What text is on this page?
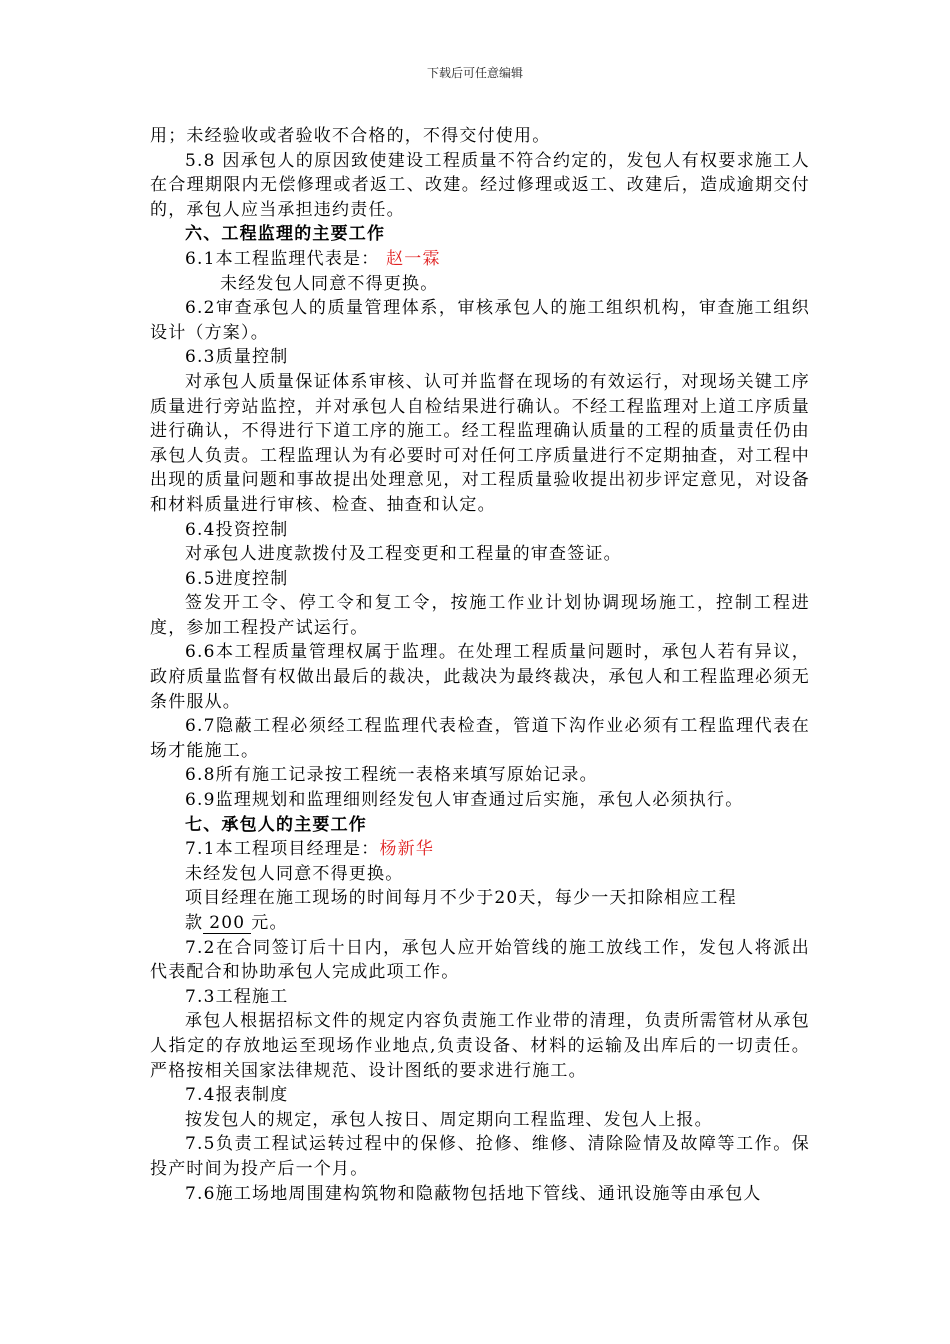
下载后可任意编辑

用；未经验收或者验收不合格的，不得交付使用。

5.8 因承包人的原因致使建设工程质量不符合约定的，发包人有权要求施工人在合理期限内无偿修理或者返工、改建。经过修理或返工、改建后，造成逾期交付的，承包人应当承担违约责任。

六、工程监理的主要工作

6.1本工程监理代表是： 赵一霖

未经发包人同意不得更换。

6.2审查承包人的质量管理体系，审核承包人的施工组织机构，审查施工组织设计（方案）。

6.3质量控制

对承包人质量保证体系审核、认可并监督在现场的有效运行，对现场关键工序质量进行旁站监控，并对承包人自检结果进行确认。不经工程监理对上道工序质量进行确认，不得进行下道工序的施工。经工程监理确认质量的工程的质量责任仍由承包人负责。工程监理认为有必要时可对任何工序质量进行不定期抽查，对工程中出现的质量问题和事故提出处理意见，对工程质量验收提出初步评定意见，对设备和材料质量进行审核、检查、抽查和认定。

6.4投资控制

对承包人进度款拨付及工程变更和工程量的审查签证。

6.5进度控制

签发开工令、停工令和复工令，按施工作业计划协调现场施工，控制工程进度，参加工程投产试运行。

6.6本工程质量管理权属于监理。在处理工程质量问题时，承包人若有异议，政府质量监督有权做出最后的裁决，此裁决为最终裁决，承包人和工程监理必须无条件服从。

6.7隐蔽工程必须经工程监理代表检查，管道下沟作业必须有工程监理代表在场才能施工。

6.8所有施工记录按工程统一表格来填写原始记录。

6.9监理规划和监理细则经发包人审查通过后实施，承包人必须执行。

七、承包人的主要工作

7.1本工程项目经理是：杨新华

未经发包人同意不得更换。

项目经理在施工现场的时间每月不少于20天，每少一天扣除相应工程

款 200 元。

7.2在合同签订后十日内，承包人应开始管线的施工放线工作，发包人将派出代表配合和协助承包人完成此项工作。

7.3工程施工

承包人根据招标文件的规定内容负责施工作业带的清理，负责所需管材从承包人指定的存放地运至现场作业地点,负责设备、材料的运输及出库后的一切责任。严格按相关国家法律规范、设计图纸的要求进行施工。

7.4报表制度

按发包人的规定，承包人按日、周定期向工程监理、发包人上报。

7.5负责工程试运转过程中的保修、抢修、维修、清除险情及故障等工作。保投产时间为投产后一个月。

7.6施工场地周围建构筑物和隐蔽物包括地下管线、通讯设施等由承包人
